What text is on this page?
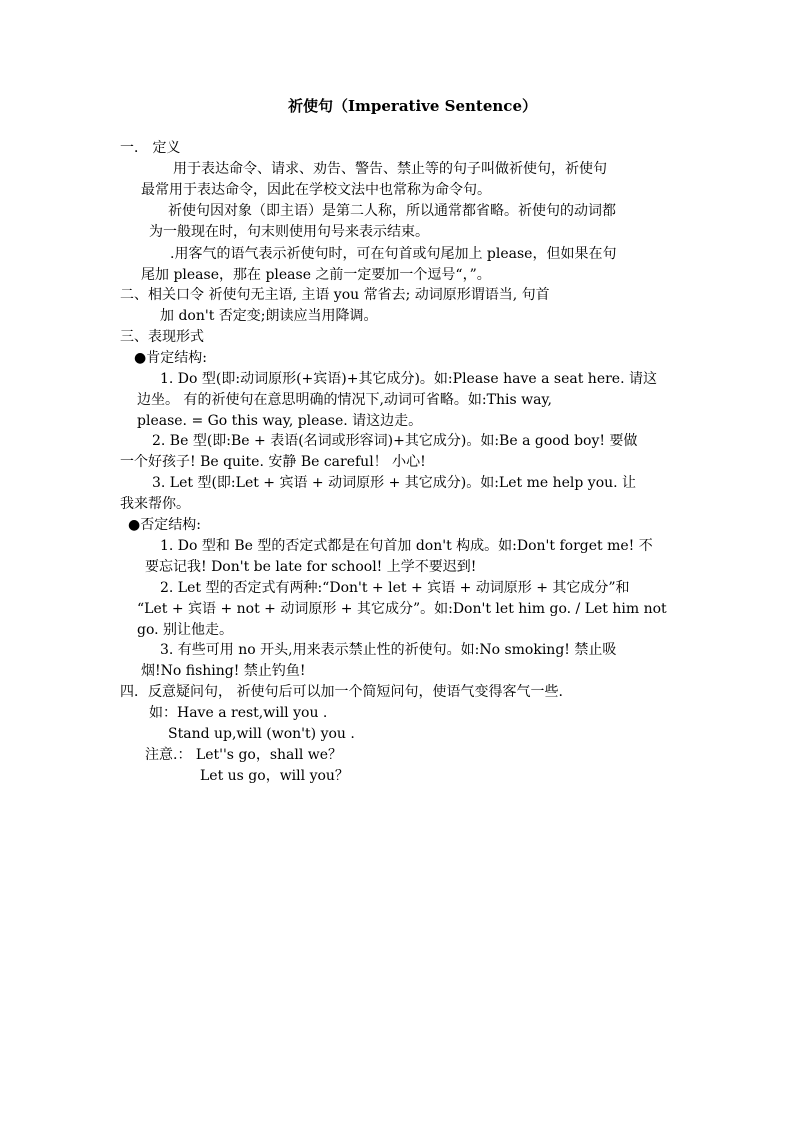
祈使句（Imperative Sentence）
一． 定义
用于表达命令、请求、劝告、警告、禁止等的句子叫做祈使句，祈使句
最常用于表达命令，因此在学校文法中也常称为命令句。
祈使句因对象（即主语）是第二人称，所以通常都省略。祈使句的动词都
为一般现在时，句末则使用句号来表示结束。
.用客气的语气表示祈使句时，可在句首或句尾加上 please，但如果在句
尾加 please，那在 please 之前一定要加一个逗号“，”。
二、相关口令 祈使句无主语, 主语 you 常省去; 动词原形谓语当, 句首
加 don't 否定变;朗读应当用降调。
三、表现形式
●肯定结构:
1. Do 型(即:动词原形(+宾语)+其它成分)。如:Please have a seat here. 请这
边坐。 有的祈使句在意思明确的情况下,动词可省略。如:This way,
please. = Go this way, please. 请这边走。
2. Be 型(即:Be + 表语(名词或形容词)+其它成分)。如:Be a good boy! 要做
一个好孩子! Be quite. 安静 Be careful！ 小心!
3. Let 型(即:Let + 宾语 + 动词原形 + 其它成分)。如:Let me help you. 让
我来帮你。
●否定结构:
1. Do 型和 Be 型的否定式都是在句首加 don't 构成。如:Don't forget me! 不
要忘记我! Don't be late for school! 上学不要迟到!
2. Let 型的否定式有两种:“Don't + let + 宾语 + 动词原形 + 其它成分”和
“Let + 宾语 + not + 动词原形 + 其它成分”。如:Don't let him go. / Let him not
go. 别让他走。
3. 有些可用 no 开头,用来表示禁止性的祈使句。如:No smoking! 禁止吸
烟!No fishing! 禁止钓鱼!
四．反意疑问句， 祈使句后可以加一个简短问句，使语气变得客气一些.
如：Have a rest,will you .
Stand up,will (won't) you .
注意.： Let''s go，shall we？
Let us go，will you？
